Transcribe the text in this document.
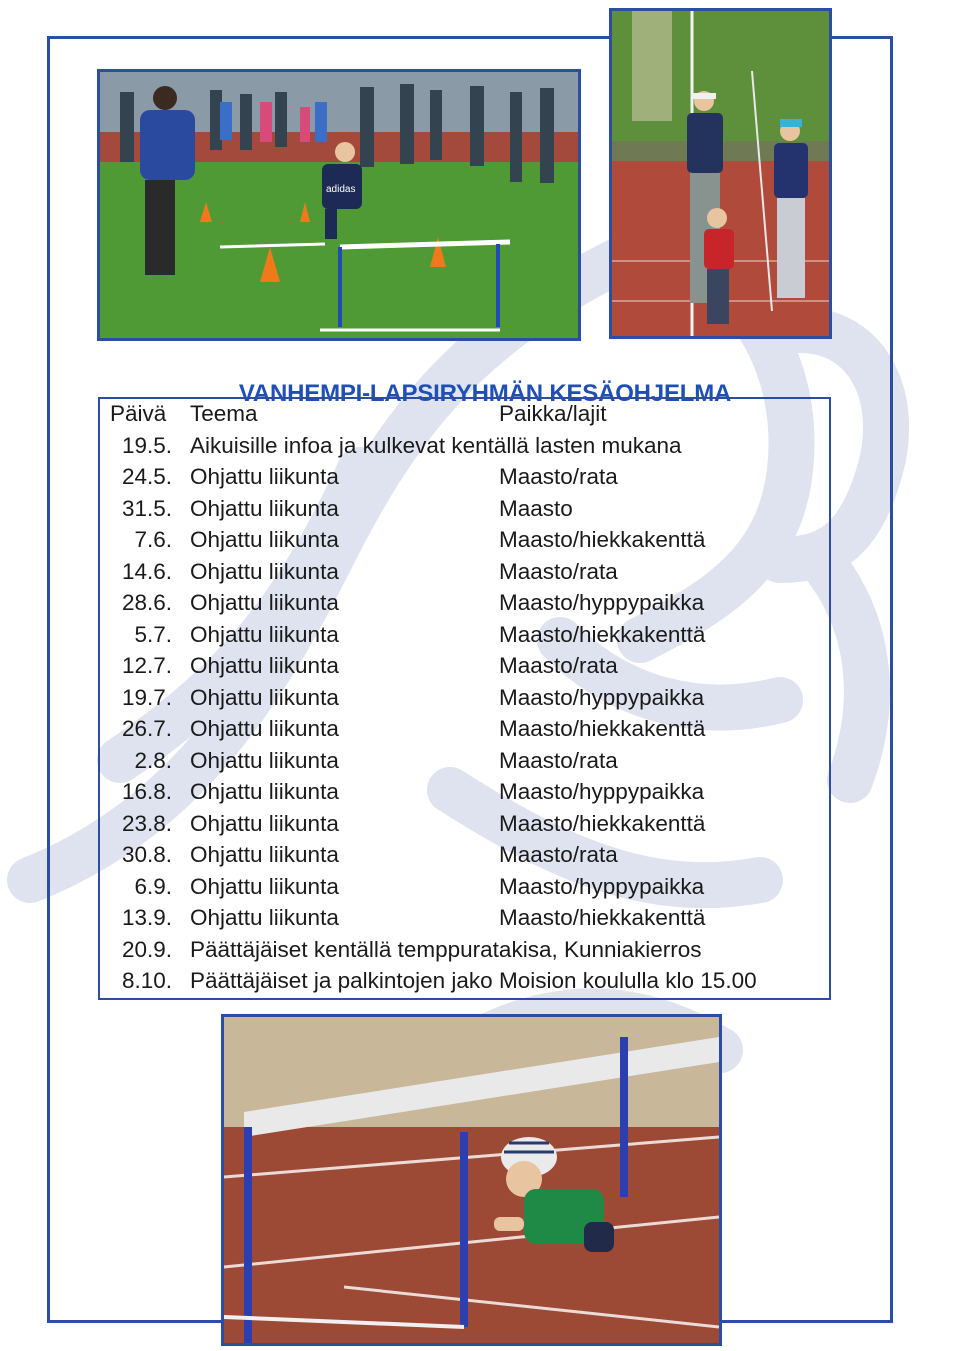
adidas
VANHEMPI-LAPSIRYHMÄN KESÄOHJELMA
Päivä Teema	Paikka/lajit
19.5. Aikuisille infoa ja kulkevat kentällä lasten mukana
24.5. Ohjattu liikunta	Maasto/rata
31.5. Ohjattu liikunta	Maasto
7.6. Ohjattu liikunta	Maasto/hiekkakenttä
14.6. Ohjattu liikunta	Maasto/rata
28.6. Ohjattu liikunta	Maasto/hyppypaikka
5.7. Ohjattu liikunta	Maasto/hiekkakenttä
12.7. Ohjattu liikunta	Maasto/rata
19.7. Ohjattu liikunta	Maasto/hyppypaikka
26.7. Ohjattu liikunta	Maasto/hiekkakenttä
2.8. Ohjattu liikunta	Maasto/rata
16.8. Ohjattu liikunta	Maasto/hyppypaikka
23.8. Ohjattu liikunta	Maasto/hiekkakenttä
30.8. Ohjattu liikunta	Maasto/rata
6.9. Ohjattu liikunta	Maasto/hyppypaikka
13.9. Ohjattu liikunta	Maasto/hiekkakenttä
20.9. Päättäjäiset kentällä temppuratakisa, Kunniakierros
8.10. Päättäjäiset ja palkintojen jako Moision koululla klo 15.00
